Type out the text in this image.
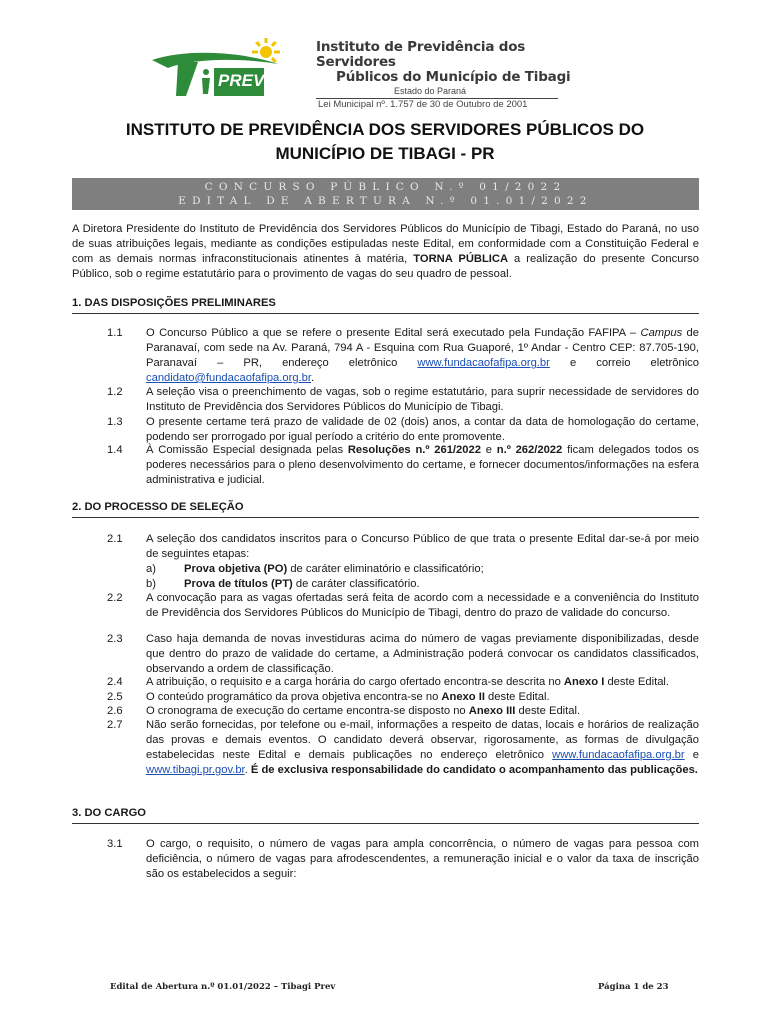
PREV
Instituto de Previdência dos Servidores
Públicos do Município de Tibagi
Estado do Paraná
Lei Municipal nº. 1.757 de 30 de Outubro de 2001
INSTITUTO DE PREVIDÊNCIA DOS SERVIDORES PÚBLICOS DO
MUNICÍPIO DE TIBAGI - PR
CONCURSO PÚBLICO N.º 01/2022
EDITAL DE ABERTURA N.º 01.01/2022
A Diretora Presidente do Instituto de Previdência dos Servidores Públicos do Município de Tibagi, Estado do Paraná, no uso de suas atribuições legais, mediante as condições estipuladas neste Edital, em conformidade com a Constituição Federal e com as demais normas infraconstitucionais atinentes à matéria, TORNA PÚBLICA a realização do presente Concurso Público, sob o regime estatutário para o provimento de vagas do seu quadro de pessoal.
1. DAS DISPOSIÇÕES PRELIMINARES
1.1 O Concurso Público a que se refere o presente Edital será executado pela Fundação FAFIPA – Campus de Paranavaí, com sede na Av. Paraná, 794 A - Esquina com Rua Guaporé, 1º Andar - Centro CEP: 87.705-190, Paranavaí – PR, endereço eletrônico www.fundacaofafipa.org.br e correio eletrônico candidato@fundacaofafipa.org.br.
1.2 A seleção visa o preenchimento de vagas, sob o regime estatutário, para suprir necessidade de servidores do Instituto de Previdência dos Servidores Públicos do Município de Tibagi.
1.3 O presente certame terá prazo de validade de 02 (dois) anos, a contar da data de homologação do certame, podendo ser prorrogado por igual período a critério do ente promovente.
1.4 À Comissão Especial designada pelas Resoluções n.º 261/2022 e n.º 262/2022 ficam delegados todos os poderes necessários para o pleno desenvolvimento do certame, e fornecer documentos/informações na esfera administrativa e judicial.
2. DO PROCESSO DE SELEÇÃO
2.1 A seleção dos candidatos inscritos para o Concurso Público de que trata o presente Edital dar-se-á por meio de seguintes etapas:
a)	Prova objetiva (PO) de caráter eliminatório e classificatório;
b)	Prova de títulos (PT) de caráter classificatório.
2.2 A convocação para as vagas ofertadas será feita de acordo com a necessidade e a conveniência do Instituto de Previdência dos Servidores Públicos do Município de Tibagi, dentro do prazo de validade do concurso.
2.3 Caso haja demanda de novas investiduras acima do número de vagas previamente disponibilizadas, desde que dentro do prazo de validade do certame, a Administração poderá convocar os candidatos classificados, observando a ordem de classificação.
2.4 A atribuição, o requisito e a carga horária do cargo ofertado encontra-se descrita no Anexo I deste Edital.
2.5 O conteúdo programático da prova objetiva encontra-se no Anexo II deste Edital.
2.6 O cronograma de execução do certame encontra-se disposto no Anexo III deste Edital.
2.7 Não serão fornecidas, por telefone ou e-mail, informações a respeito de datas, locais e horários de realização das provas e demais eventos. O candidato deverá observar, rigorosamente, as formas de divulgação estabelecidas neste Edital e demais publicações no endereço eletrônico www.fundacaofafipa.org.br e www.tibagi.pr.gov.br. É de exclusiva responsabilidade do candidato o acompanhamento das publicações.
3. DO CARGO
3.1 O cargo, o requisito, o número de vagas para ampla concorrência, o número de vagas para pessoa com deficiência, o número de vagas para afrodescendentes, a remuneração inicial e o valor da taxa de inscrição são os estabelecidos a seguir:
Edital de Abertura n.º 01.01/2022 – Tibagi Prev	Página 1 de 23
